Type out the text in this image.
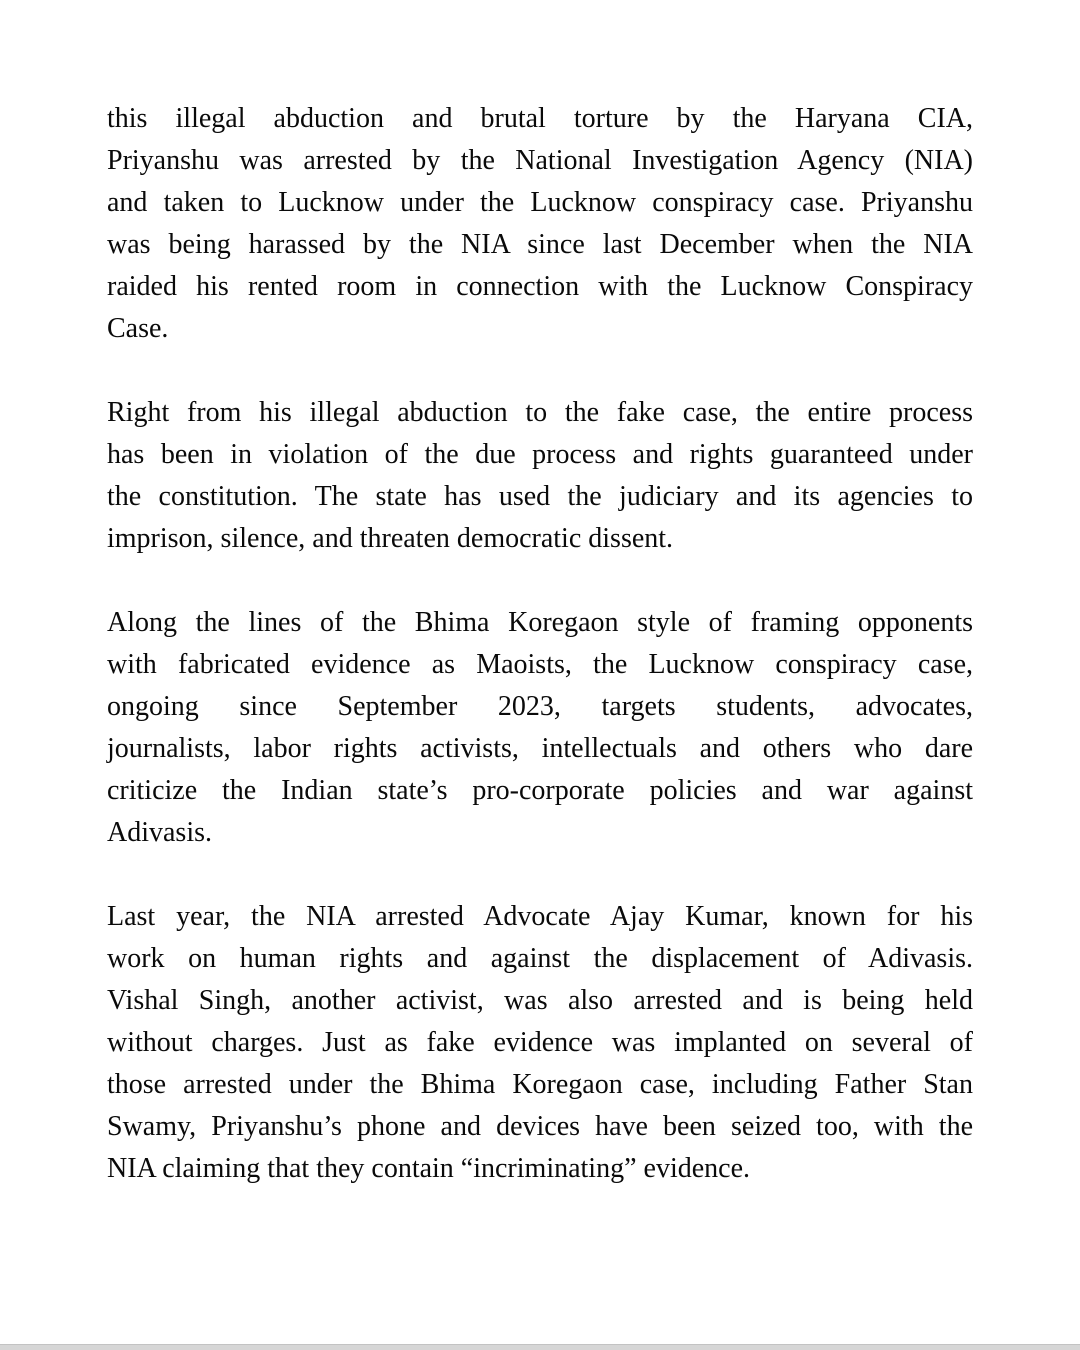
this illegal abduction and brutal torture by the Haryana CIA,
Priyanshu was arrested by the National Investigation Agency (NIA)
and taken to Lucknow under the Lucknow conspiracy case. Priyanshu
was being harassed by the NIA since last December when the NIA
raided his rented room in connection with the Lucknow Conspiracy
Case.
Right from his illegal abduction to the fake case, the entire process
has been in violation of the due process and rights guaranteed under
the constitution. The state has used the judiciary and its agencies to
imprison, silence, and threaten democratic dissent.
Along the lines of the Bhima Koregaon style of framing opponents
with fabricated evidence as Maoists, the Lucknow conspiracy case,
ongoing since September 2023, targets students, advocates,
journalists, labor rights activists, intellectuals and others who dare
criticize the Indian state’s pro-corporate policies and war against
Adivasis.
Last year, the NIA arrested Advocate Ajay Kumar, known for his
work on human rights and against the displacement of Adivasis.
Vishal Singh, another activist, was also arrested and is being held
without charges. Just as fake evidence was implanted on several of
those arrested under the Bhima Koregaon case, including Father Stan
Swamy, Priyanshu’s phone and devices have been seized too, with the
NIA claiming that they contain “incriminating” evidence.
